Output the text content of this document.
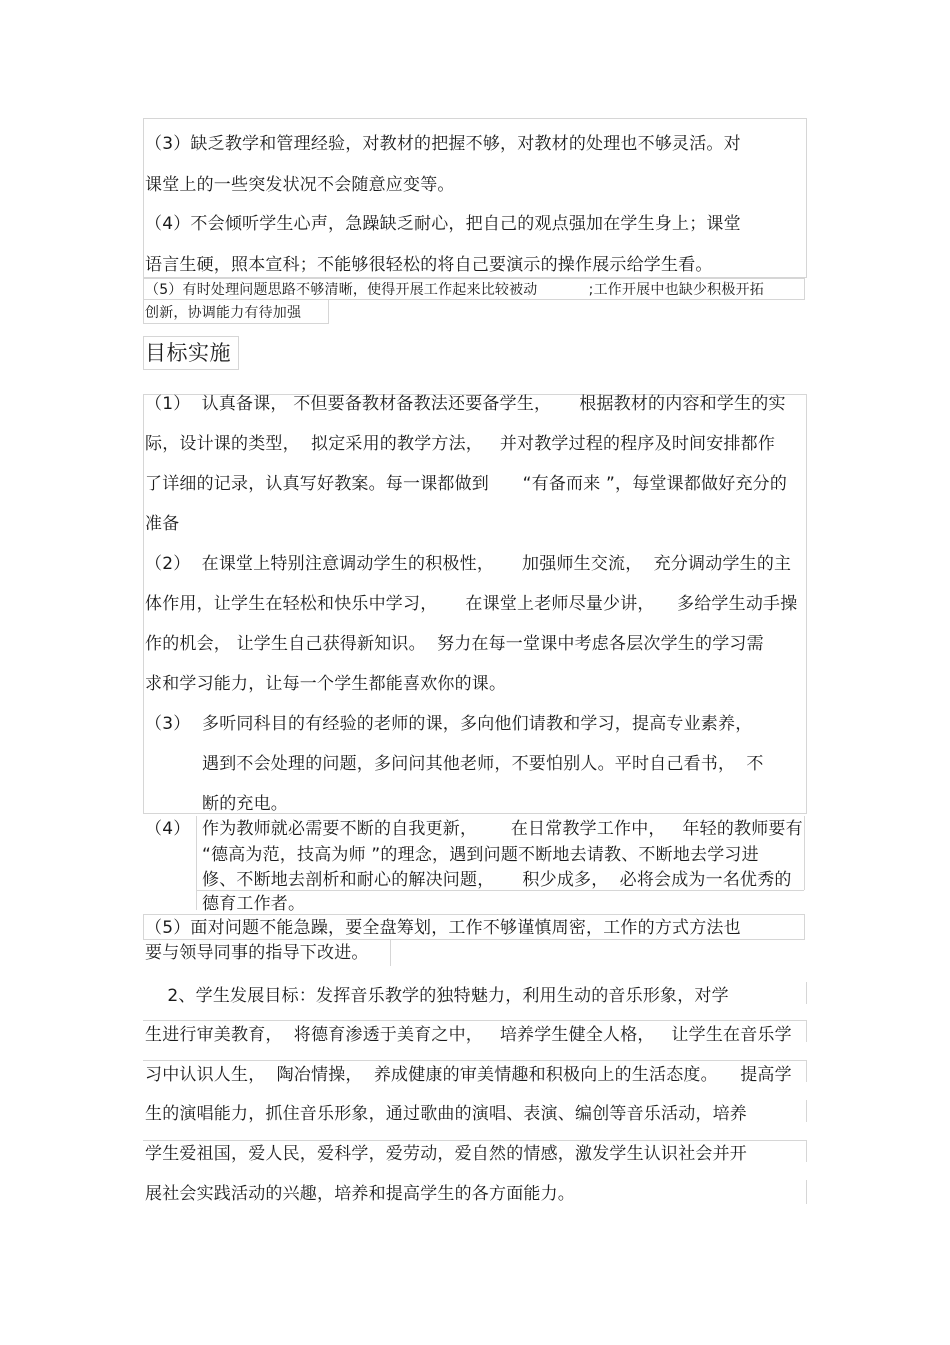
（3）缺乏教学和管理经验，对教材的把握不够，对教材的处理也不够灵活。对
课堂上的一些突发状况不会随意应变等。
（4）不会倾听学生心声，急躁缺乏耐心，把自己的观点强加在学生身上；课堂
语言生硬，照本宣科；不能够很轻松的将自己要演示的操作展示给学生看。
（5）有时处理问题思路不够清晰，使得开展工作起来比较被动           ;工作开展中也缺少积极开拓
创新，协调能力有待加强
目标实施
（1）  认真备课， 不但要备教材备教法还要备学生，     根据教材的内容和学生的实
际，设计课的类型，  拟定采用的教学方法，   并对教学过程的程序及时间安排都作
了详细的记录，认真写好教案。每一课都做到      “有备而来 ”，每堂课都做好充分的
准备
（2）  在课堂上特别注意调动学生的积极性，     加强师生交流，  充分调动学生的主
体作用，让学生在轻松和快乐中学习，     在课堂上老师尽量少讲，    多给学生动手操
作的机会， 让学生自己获得新知识。  努力在每一堂课中考虑各层次学生的学习需
求和学习能力，让每一个学生都能喜欢你的课。
（3） 多听同科目的有经验的老师的课，多向他们请教和学习，提高专业素养，
遇到不会处理的问题，多问问其他老师，不要怕别人。平时自己看书，  不
断的充电。
（4） 作为教师就必需要不断的自我更新，      在日常教学工作中，   年轻的教师要有
“德高为范，技高为师 ”的理念，遇到问题不断地去请教、不断地去学习进
修、不断地去剖析和耐心的解决问题，     积少成多，  必将会成为一名优秀的
德育工作者。
（5）面对问题不能急躁，要全盘筹划，工作不够谨慎周密，工作的方式方法也
要与领导同事的指导下改进。
2、学生发展目标：发挥音乐教学的独特魅力，利用生动的音乐形象，对学
生进行审美教育，  将德育渗透于美育之中，   培养学生健全人格，   让学生在音乐学
习中认识人生，  陶冶情操，  养成健康的审美情趣和积极向上的生活态度。    提高学
生的演唱能力，抓住音乐形象，通过歌曲的演唱、表演、编创等音乐活动，培养
学生爱祖国，爱人民，爱科学，爱劳动，爱自然的情感，激发学生认识社会并开
展社会实践活动的兴趣，培养和提高学生的各方面能力。
